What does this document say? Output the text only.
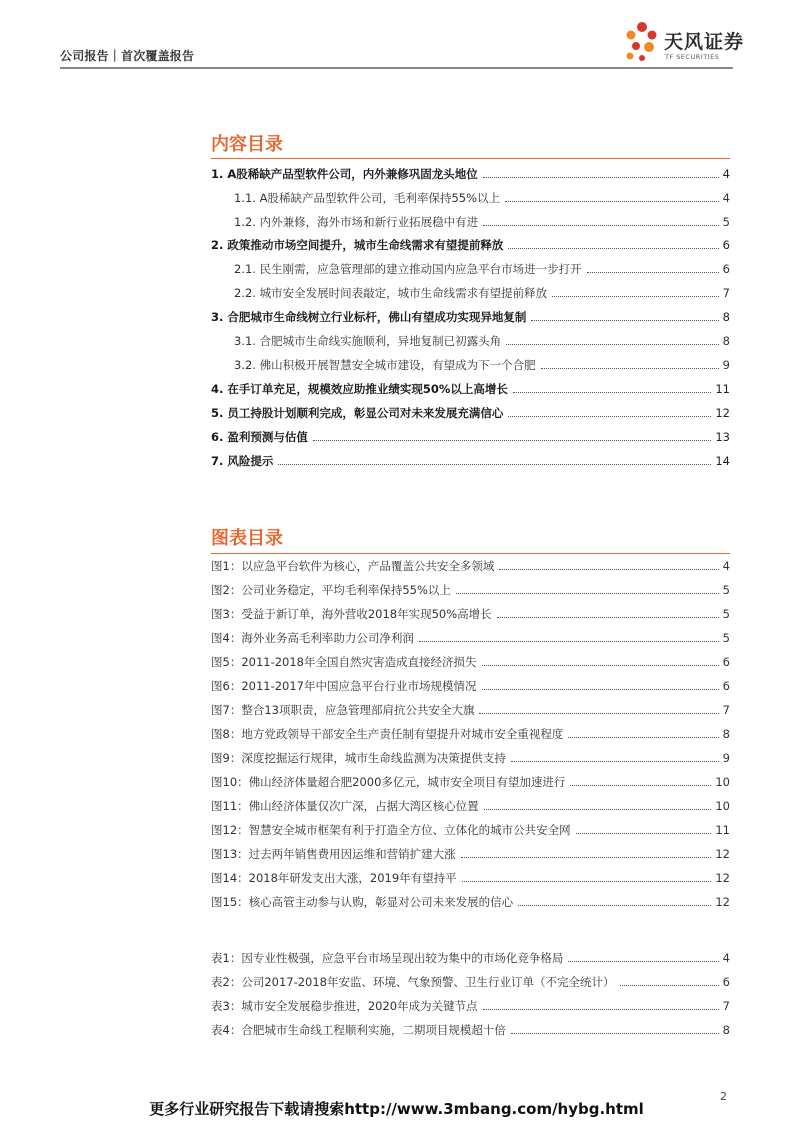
公司报告｜首次覆盖报告
天风证券
TF SECURITIES
内容目录
1. A股稀缺产品型软件公司，内外兼修巩固龙头地位	4
1.1. A股稀缺产品型软件公司，毛利率保持55%以上	4
1.2. 内外兼修，海外市场和新行业拓展稳中有进	5
2. 政策推动市场空间提升，城市生命线需求有望提前释放	6
2.1. 民生刚需，应急管理部的建立推动国内应急平台市场进一步打开	6
2.2. 城市安全发展时间表敲定，城市生命线需求有望提前释放	7
3. 合肥城市生命线树立行业标杆，佛山有望成功实现异地复制	8
3.1. 合肥城市生命线实施顺利，异地复制已初露头角	8
3.2. 佛山积极开展智慧安全城市建设，有望成为下一个合肥	9
4. 在手订单充足，规模效应助推业绩实现50%以上高增长	11
5. 员工持股计划顺利完成，彰显公司对未来发展充满信心	12
6. 盈利预测与估值	13
7. 风险提示	14
图表目录
图1：以应急平台软件为核心，产品覆盖公共安全多领域	4
图2：公司业务稳定，平均毛利率保持55%以上	5
图3：受益于新订单，海外营收2018年实现50%高增长	5
图4：海外业务高毛利率助力公司净利润	5
图5：2011-2018年全国自然灾害造成直接经济损失	6
图6：2011-2017年中国应急平台行业市场规模情况	6
图7：整合13项职责，应急管理部肩抗公共安全大旗	7
图8：地方党政领导干部安全生产责任制有望提升对城市安全重视程度	8
图9：深度挖掘运行规律，城市生命线监测为决策提供支持	9
图10：佛山经济体量超合肥2000多亿元，城市安全项目有望加速进行	10
图11：佛山经济体量仅次广深，占据大湾区核心位置	10
图12：智慧安全城市框架有利于打造全方位、立体化的城市公共安全网	11
图13：过去两年销售费用因运维和营销扩建大涨	12
图14：2018年研发支出大涨，2019年有望持平	12
图15：核心高管主动参与认购，彰显对公司未来发展的信心	12
表1：因专业性极强，应急平台市场呈现出较为集中的市场化竞争格局	4
表2：公司2017-2018年安监、环境、气象预警、卫生行业订单（不完全统计）	6
表3：城市安全发展稳步推进，2020年成为关键节点	7
表4：合肥城市生命线工程顺利实施，二期项目规模超十倍	8
2
更多行业研究报告下载请搜索http://www.3mbang.com/hybg.html
